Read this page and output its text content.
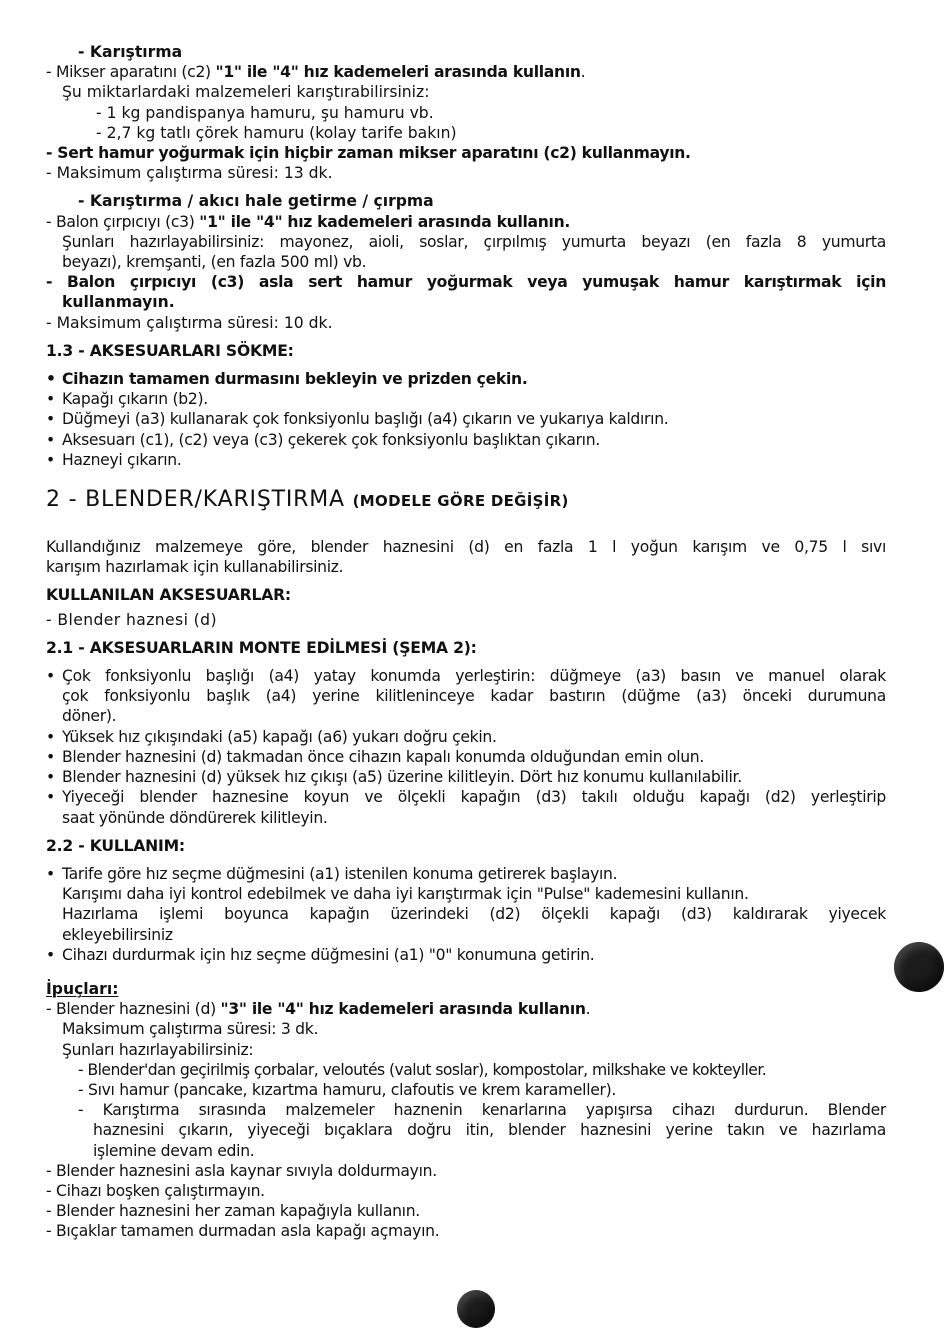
- Karıştırma
- Mikser aparatını (c2) "1" ile "4" hız kademeleri arasında kullanın.
Şu miktarlardaki malzemeleri karıştırabilirsiniz:
- 1 kg pandispanya hamuru, şu hamuru vb.
- 2,7 kg tatlı çörek hamuru (kolay tarife bakın)
- Sert hamur yoğurmak için hiçbir zaman mikser aparatını (c2) kullanmayın.
- Maksimum çalıştırma süresi: 13 dk.
- Karıştırma / akıcı hale getirme / çırpma
- Balon çırpıcıyı (c3) "1" ile "4" hız kademeleri arasında kullanın.
Şunları hazırlayabilirsiniz: mayonez, aioli, soslar, çırpılmış yumurta beyazı (en fazla 8 yumurta
beyazı), kremşanti, (en fazla 500 ml) vb.
- Balon çırpıcıyı (c3) asla sert hamur yoğurmak veya yumuşak hamur karıştırmak için
kullanmayın.
- Maksimum çalıştırma süresi: 10 dk.
1.3 - AKSESUARLARI SÖKME:
• Cihazın tamamen durmasını bekleyin ve prizden çekin.
• Kapağı çıkarın (b2).
• Düğmeyi (a3) kullanarak çok fonksiyonlu başlığı (a4) çıkarın ve yukarıya kaldırın.
• Aksesuarı (c1), (c2) veya (c3) çekerek çok fonksiyonlu başlıktan çıkarın.
• Hazneyi çıkarın.
2 - BLENDER/KARIŞTIRMA (MODELE GÖRE DEĞİŞİR)
Kullandığınız malzemeye göre, blender haznesini (d) en fazla 1 l yoğun karışım ve 0,75 l sıvı
karışım hazırlamak için kullanabilirsiniz.
KULLANILAN AKSESUARLAR:
- Blender haznesi (d)
2.1 - AKSESUARLARIN MONTE EDİLMESİ (ŞEMA 2):
• Çok fonksiyonlu başlığı (a4) yatay konumda yerleştirin: düğmeye (a3) basın ve manuel olarak
çok fonksiyonlu başlık (a4) yerine kilitleninceye kadar bastırın (düğme (a3) önceki durumuna
döner).
• Yüksek hız çıkışındaki (a5) kapağı (a6) yukarı doğru çekin.
• Blender haznesini (d) takmadan önce cihazın kapalı konumda olduğundan emin olun.
• Blender haznesini (d) yüksek hız çıkışı (a5) üzerine kilitleyin. Dört hız konumu kullanılabilir.
• Yiyeceği blender haznesine koyun ve ölçekli kapağın (d3) takılı olduğu kapağı (d2) yerleştirip
saat yönünde döndürerek kilitleyin.
2.2 - KULLANIM:
• Tarife göre hız seçme düğmesini (a1) istenilen konuma getirerek başlayın.
Karışımı daha iyi kontrol edebilmek ve daha iyi karıştırmak için "Pulse" kademesini kullanın.
Hazırlama işlemi boyunca kapağın üzerindeki (d2) ölçekli kapağı (d3) kaldırarak yiyecek
ekleyebilirsiniz
• Cihazı durdurmak için hız seçme düğmesini (a1) "0" konumuna getirin.
İpuçları:
- Blender haznesini (d) "3" ile "4" hız kademeleri arasında kullanın.
Maksimum çalıştırma süresi: 3 dk.
Şunları hazırlayabilirsiniz:
- Blender'dan geçirilmiş çorbalar, veloutés (valut soslar), kompostolar, milkshake ve kokteyller.
- Sıvı hamur (pancake, kızartma hamuru, clafoutis ve krem karameller).
- Karıştırma sırasında malzemeler haznenin kenarlarına yapışırsa cihazı durdurun. Blender
haznesini çıkarın, yiyeceği bıçaklara doğru itin, blender haznesini yerine takın ve hazırlama
işlemine devam edin.
- Blender haznesini asla kaynar sıvıyla doldurmayın.
- Cihazı boşken çalıştırmayın.
- Blender haznesini her zaman kapağıyla kullanın.
- Bıçaklar tamamen durmadan asla kapağı açmayın.
